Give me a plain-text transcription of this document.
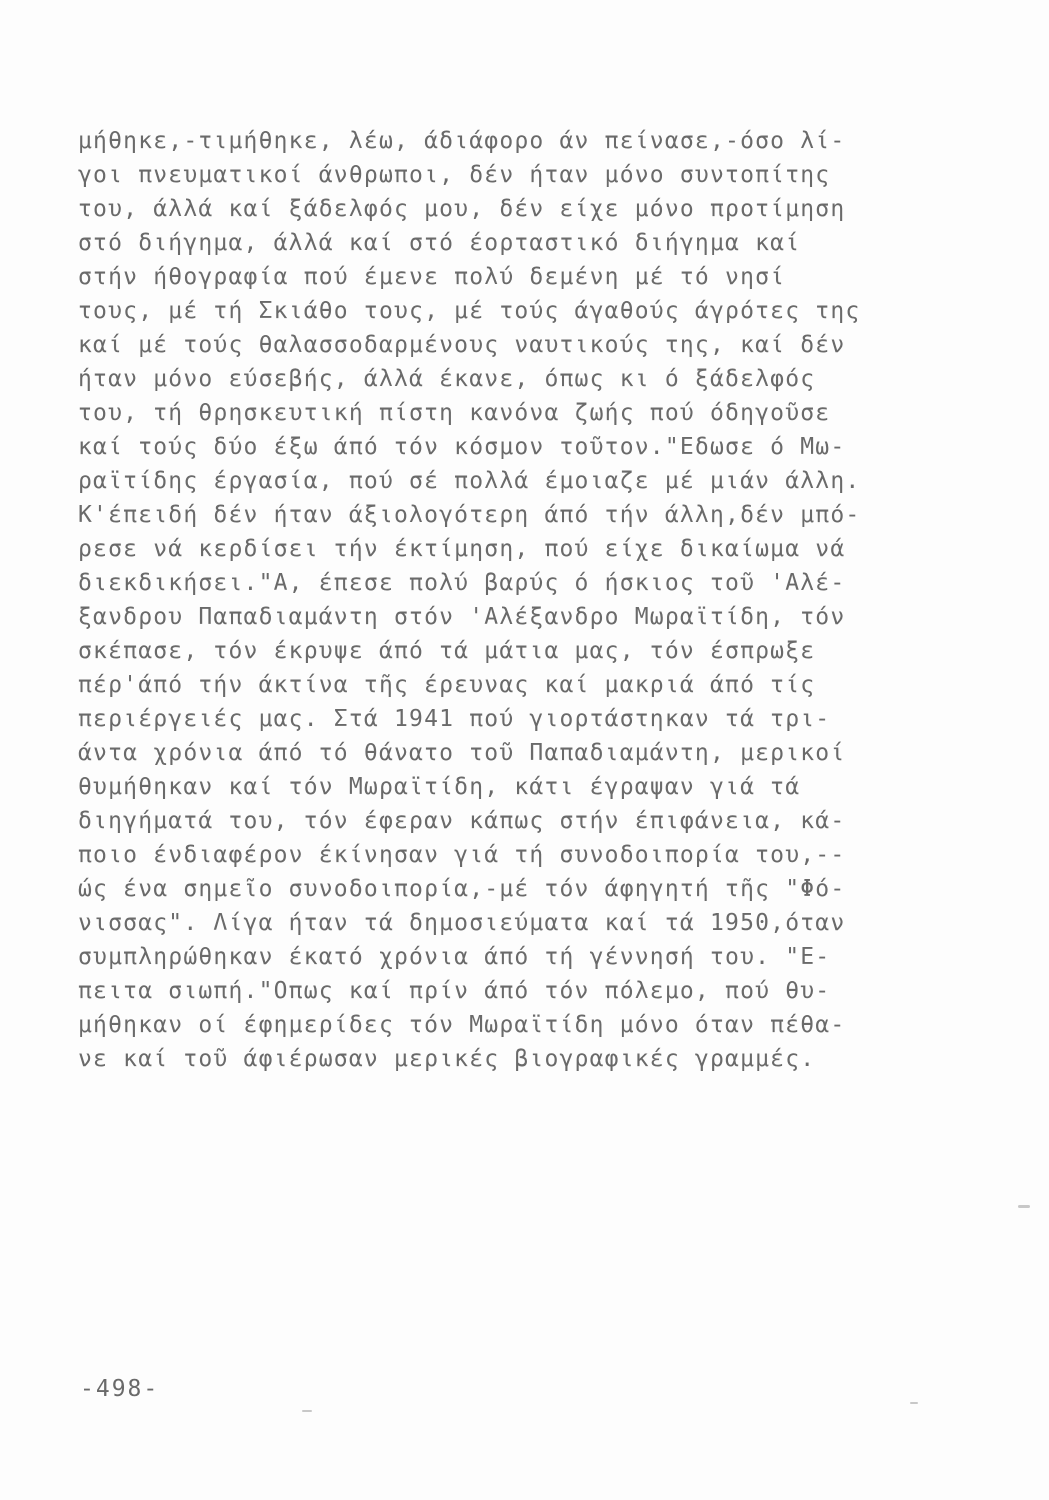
μήθηκε,-τιμήθηκε, λέω, άδιάφορο άν πείνασε,-όσο λί-
γοι πνευματικοί άνθρωποι, δέν ήταν μόνο συντοπίτης
του, άλλά καί ξάδελφός μου, δέν είχε μόνο προτίμηση
στό διήγημα, άλλά καί στό έορταστικό διήγημα καί
στήν ήθογραφία πού έμενε πολύ δεμένη μέ τό νησί
τους, μέ τή Σκιάθο τους, μέ τούς άγαθούς άγρότες της
καί μέ τούς θαλασσοδαρμένους ναυτικούς της, καί δέν
ήταν μόνο εύσεβής, άλλά έκανε, όπως κι ό ξάδελφός
του, τή θρησκευτική πίστη κανόνα ζωής πού όδηγοῦσε
καί τούς δύο έξω άπό τόν κόσμον τοῦτον."Εδωσε ό Μω-
ραϊτίδης έργασία, πού σέ πολλά έμοιαζε μέ μιάν άλλη.
Κ'έπειδή δέν ήταν άξιολογότερη άπό τήν άλλη,δέν μπό-
ρεσε νά κερδίσει τήν έκτίμηση, πού είχε δικαίωμα νά
διεκδικήσει."Α, έπεσε πολύ βαρύς ό ήσκιος τοῦ 'Αλέ-
ξανδρου Παπαδιαμάντη στόν 'Αλέξανδρο Μωραϊτίδη, τόν
σκέπασε, τόν έκρυψε άπό τά μάτια μας, τόν έσπρωξε
πέρ'άπό τήν άκτίνα τῆς έρευνας καί μακριά άπό τίς
περιέργειές μας. Στά 1941 πού γιορτάστηκαν τά τρι-
άντα χρόνια άπό τό θάνατο τοῦ Παπαδιαμάντη, μερικοί
θυμήθηκαν καί τόν Μωραϊτίδη, κάτι έγραψαν γιά τά
διηγήματά του, τόν έφεραν κάπως στήν έπιφάνεια, κά-
ποιο ένδιαφέρον έκίνησαν γιά τή συνοδοιπορία του,--
ώς ένα σημεῖο συνοδοιπορία,-μέ τόν άφηγητή τῆς "Φό-
νισσας". Λίγα ήταν τά δημοσιεύματα καί τά 1950,όταν
συμπληρώθηκαν έκατό χρόνια άπό τή γέννησή του. "Ε-
πειτα σιωπή."Οπως καί πρίν άπό τόν πόλεμο, πού θυ-
μήθηκαν οί έφημερίδες τόν Μωραϊτίδη μόνο όταν πέθα-
νε καί τοῦ άφιέρωσαν μερικές βιογραφικές γραμμές.
-498-
